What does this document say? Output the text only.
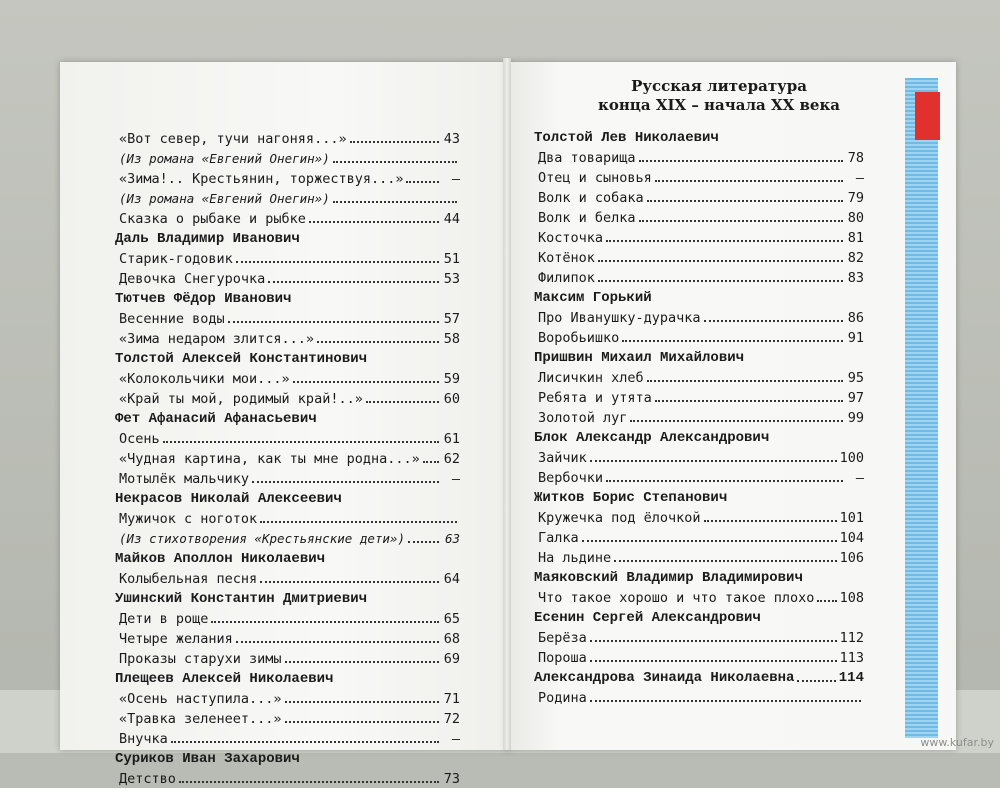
«Вот север, тучи нагоняя...»	43
(Из романа «Евгений Онегин»)
«Зима!.. Крестьянин, торжествуя...»	—
(Из романа «Евгений Онегин»)
Сказка о рыбаке и рыбке	44
Даль Владимир Иванович
Старик-годовик	51
Девочка Снегурочка	53
Тютчев Фёдор Иванович
Весенние воды	57
«Зима недаром злится...»	58
Толстой Алексей Константинович
«Колокольчики мои...»	59
«Край ты мой, родимый край!..»	60
Фет Афанасий Афанасьевич
Осень	61
«Чудная картина, как ты мне родна...» 62
Мотылёк мальчику	—
Некрасов Николай Алексеевич
Мужичок с ноготок
(Из стихотворения «Крестьянские дети»)	63
Майков Аполлон Николаевич
Колыбельная песня	64
Ушинский Константин Дмитриевич
Дети в роще	65
Четыре желания	68
Проказы старухи зимы	69
Плещеев Алексей Николаевич
«Осень наступила...»	71
«Травка зеленеет...»	72
Внучка	—
Суриков Иван Захарович
Детство	73
Русская литература
конца XIX – начала XX века
Толстой Лев Николаевич
Два товарища	78
Отец и сыновья	—
Волк и собака	79
Волк и белка	80
Косточка	81
Котёнок	82
Филипок	83
Максим Горький
Про Иванушку-дурачка	86
Воробьишко	91
Пришвин Михаил Михайлович
Лисичкин хлеб	95
Ребята и утята	97
Золотой луг	99
Блок Александр Александрович
Зайчик	100
Вербочки	—
Житков Борис Степанович
Кружечка под ёлочкой	101
Галка	104
На льдине	106
Маяковский Владимир Владимирович
Что такое хорошо и что такое плохо 108
Есенин Сергей Александрович
Берёза	112
Пороша	113
Александрова Зинаида Николаевна	114
Родина
www.kufar.by
